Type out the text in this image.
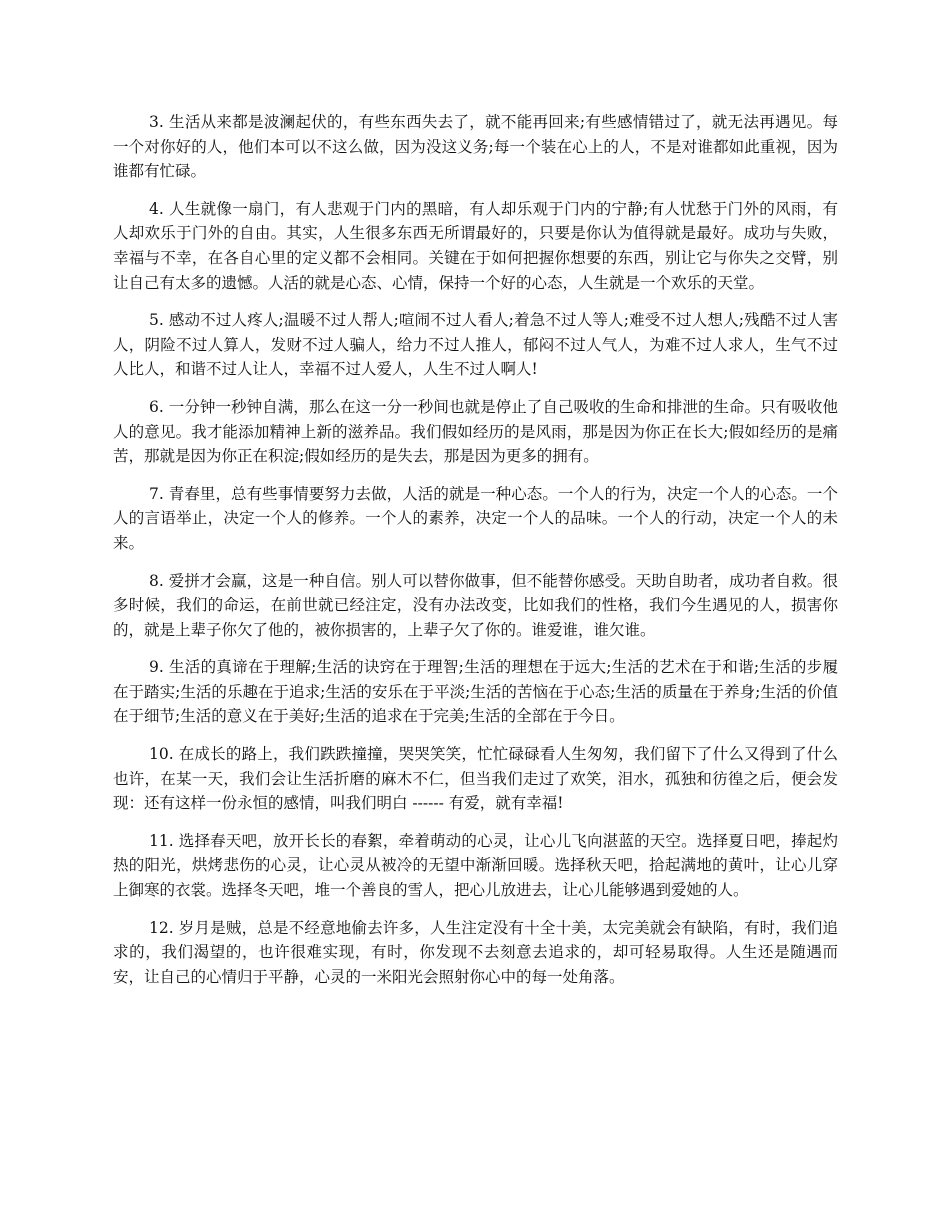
3. 生活从来都是波澜起伏的，有些东西失去了，就不能再回来;有些感情错过了，就无法再遇见。每一个对你好的人，他们本可以不这么做，因为没这义务;每一个装在心上的人，不是对谁都如此重视，因为谁都有忙碌。

4. 人生就像一扇门，有人悲观于门内的黑暗，有人却乐观于门内的宁静;有人忧愁于门外的风雨，有人却欢乐于门外的自由。其实，人生很多东西无所谓最好的，只要是你认为值得就是最好。成功与失败，幸福与不幸，在各自心里的定义都不会相同。关键在于如何把握你想要的东西，别让它与你失之交臂，别让自己有太多的遗憾。人活的就是心态、心情，保持一个好的心态，人生就是一个欢乐的天堂。

5. 感动不过人疼人;温暖不过人帮人;喧闹不过人看人;着急不过人等人;难受不过人想人;残酷不过人害人，阴险不过人算人，发财不过人骗人，给力不过人推人，郁闷不过人气人，为难不过人求人，生气不过人比人，和谐不过人让人，幸福不过人爱人，人生不过人啊人!

6. 一分钟一秒钟自满，那么在这一分一秒间也就是停止了自己吸收的生命和排泄的生命。只有吸收他人的意见。我才能添加精神上新的滋养品。我们假如经历的是风雨，那是因为你正在长大;假如经历的是痛苦，那就是因为你正在积淀;假如经历的是失去，那是因为更多的拥有。

7. 青春里，总有些事情要努力去做，人活的就是一种心态。一个人的行为，决定一个人的心态。一个人的言语举止，决定一个人的修养。一个人的素养，决定一个人的品味。一个人的行动，决定一个人的未来。

8. 爱拼才会赢，这是一种自信。别人可以替你做事，但不能替你感受。天助自助者，成功者自救。很多时候，我们的命运，在前世就已经注定，没有办法改变，比如我们的性格，我们今生遇见的人，损害你的，就是上辈子你欠了他的，被你损害的，上辈子欠了你的。谁爱谁，谁欠谁。

9. 生活的真谛在于理解;生活的诀窍在于理智;生活的理想在于远大;生活的艺术在于和谐;生活的步履在于踏实;生活的乐趣在于追求;生活的安乐在于平淡;生活的苦恼在于心态;生活的质量在于养身;生活的价值在于细节;生活的意义在于美好;生活的追求在于完美;生活的全部在于今日。

10. 在成长的路上，我们跌跌撞撞，哭哭笑笑，忙忙碌碌看人生匆匆，我们留下了什么又得到了什么也许，在某一天，我们会让生活折磨的麻木不仁，但当我们走过了欢笑，泪水，孤独和彷徨之后，便会发现：还有这样一份永恒的感情，叫我们明白 ------ 有爱，就有幸福!

11. 选择春天吧，放开长长的春絮，牵着萌动的心灵，让心儿飞向湛蓝的天空。选择夏日吧，捧起灼热的阳光，烘烤悲伤的心灵，让心灵从被冷的无望中渐渐回暖。选择秋天吧，拾起满地的黄叶，让心儿穿上御寒的衣裳。选择冬天吧，堆一个善良的雪人，把心儿放进去，让心儿能够遇到爱她的人。

12. 岁月是贼，总是不经意地偷去许多，人生注定没有十全十美，太完美就会有缺陷，有时，我们追求的，我们渴望的，也许很难实现，有时，你发现不去刻意去追求的，却可轻易取得。人生还是随遇而安，让自己的心情归于平静，心灵的一米阳光会照射你心中的每一处角落。
